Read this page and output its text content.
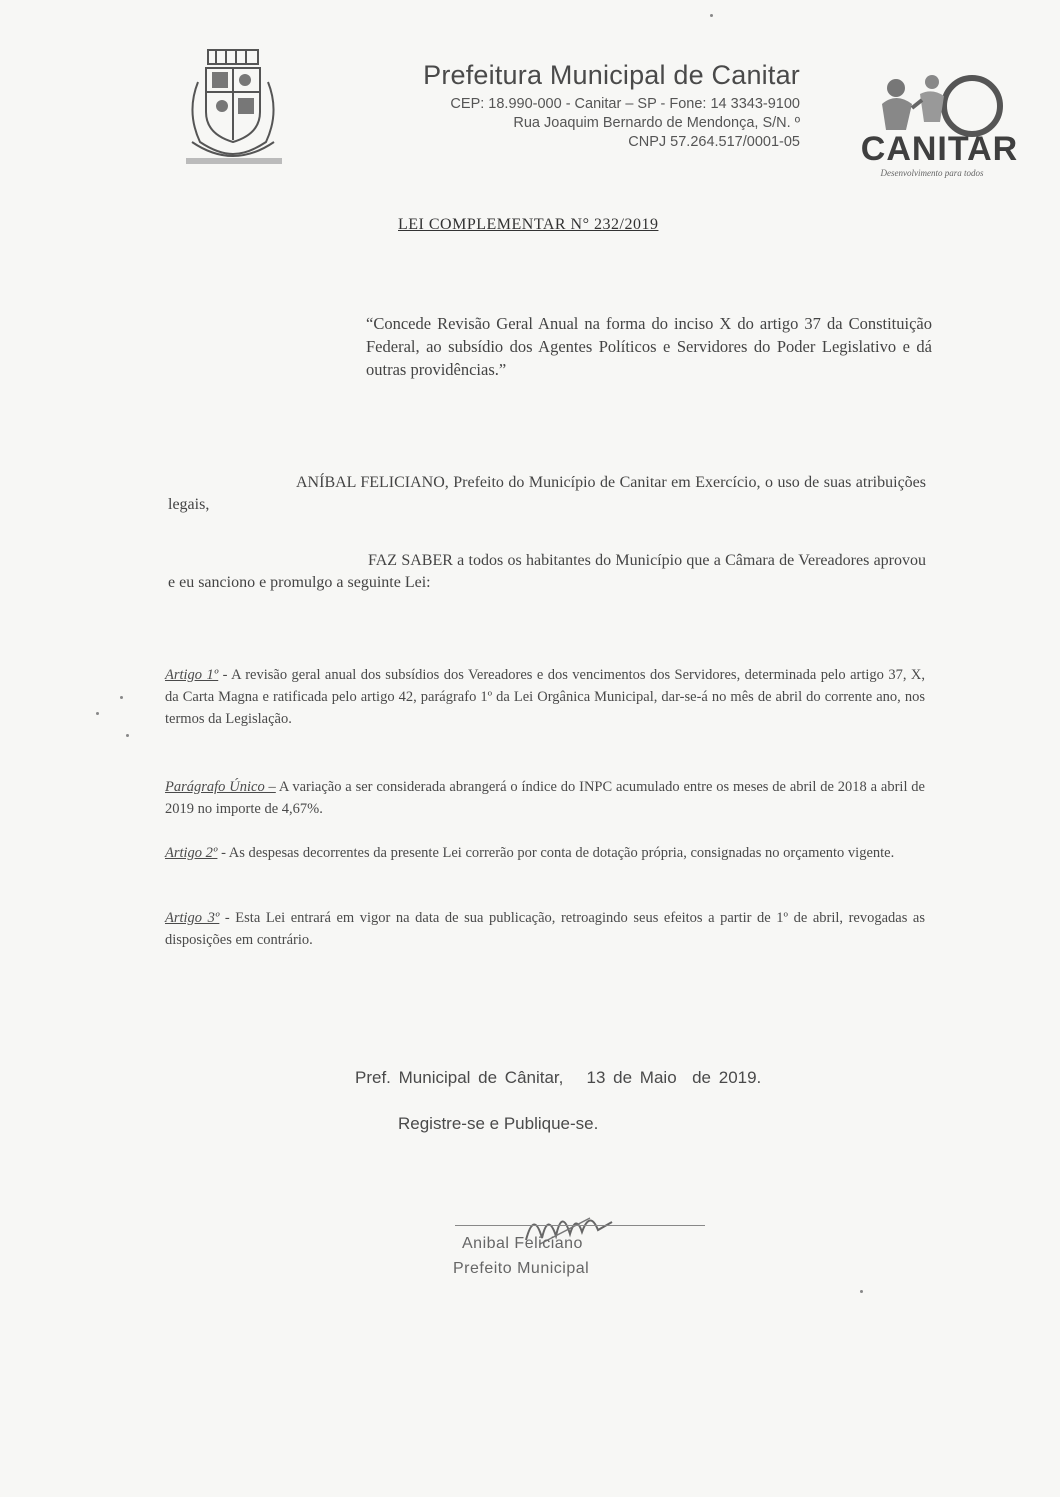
Prefeitura Municipal de Canitar
CEP: 18.990-000 - Canitar – SP - Fone: 14 3343-9100
Rua Joaquim Bernardo de Mendonça, S/N. º
CNPJ 57.264.517/0001-05 CANITAR
Desenvolvimento para todos
LEI COMPLEMENTAR N° 232/2019
“Concede Revisão Geral Anual na forma do inciso X do artigo 37 da Constituição Federal, ao subsídio dos Agentes Políticos e Servidores do Poder Legislativo e dá outras providências.”
ANÍBAL FELICIANO, Prefeito do Município de Canitar em Exercício, o uso de suas atribuições legais,
FAZ SABER a todos os habitantes do Município que a Câmara de Vereadores aprovou e eu sanciono e promulgo a seguinte Lei:
Artigo 1º - A revisão geral anual dos subsídios dos Vereadores e dos vencimentos dos Servidores, determinada pelo artigo 37, X, da Carta Magna e ratificada pelo artigo 42, parágrafo 1º da Lei Orgânica Municipal, dar-se-á no mês de abril do corrente ano, nos termos da Legislação.
Parágrafo Único – A variação a ser considerada abrangerá o índice do INPC acumulado entre os meses de abril de 2018 a abril de 2019 no importe de 4,67%.
Artigo 2º - As despesas decorrentes da presente Lei correrão por conta de dotação própria, consignadas no orçamento vigente.
Artigo 3º - Esta Lei entrará em vigor na data de sua publicação, retroagindo seus efeitos a partir de 1º de abril, revogadas as disposições em contrário.
Pref. Municipal de Cânitar,   13 de Maio  de 2019.
Registre-se e Publique-se.
Anibal Feliciano
Prefeito Municipal
